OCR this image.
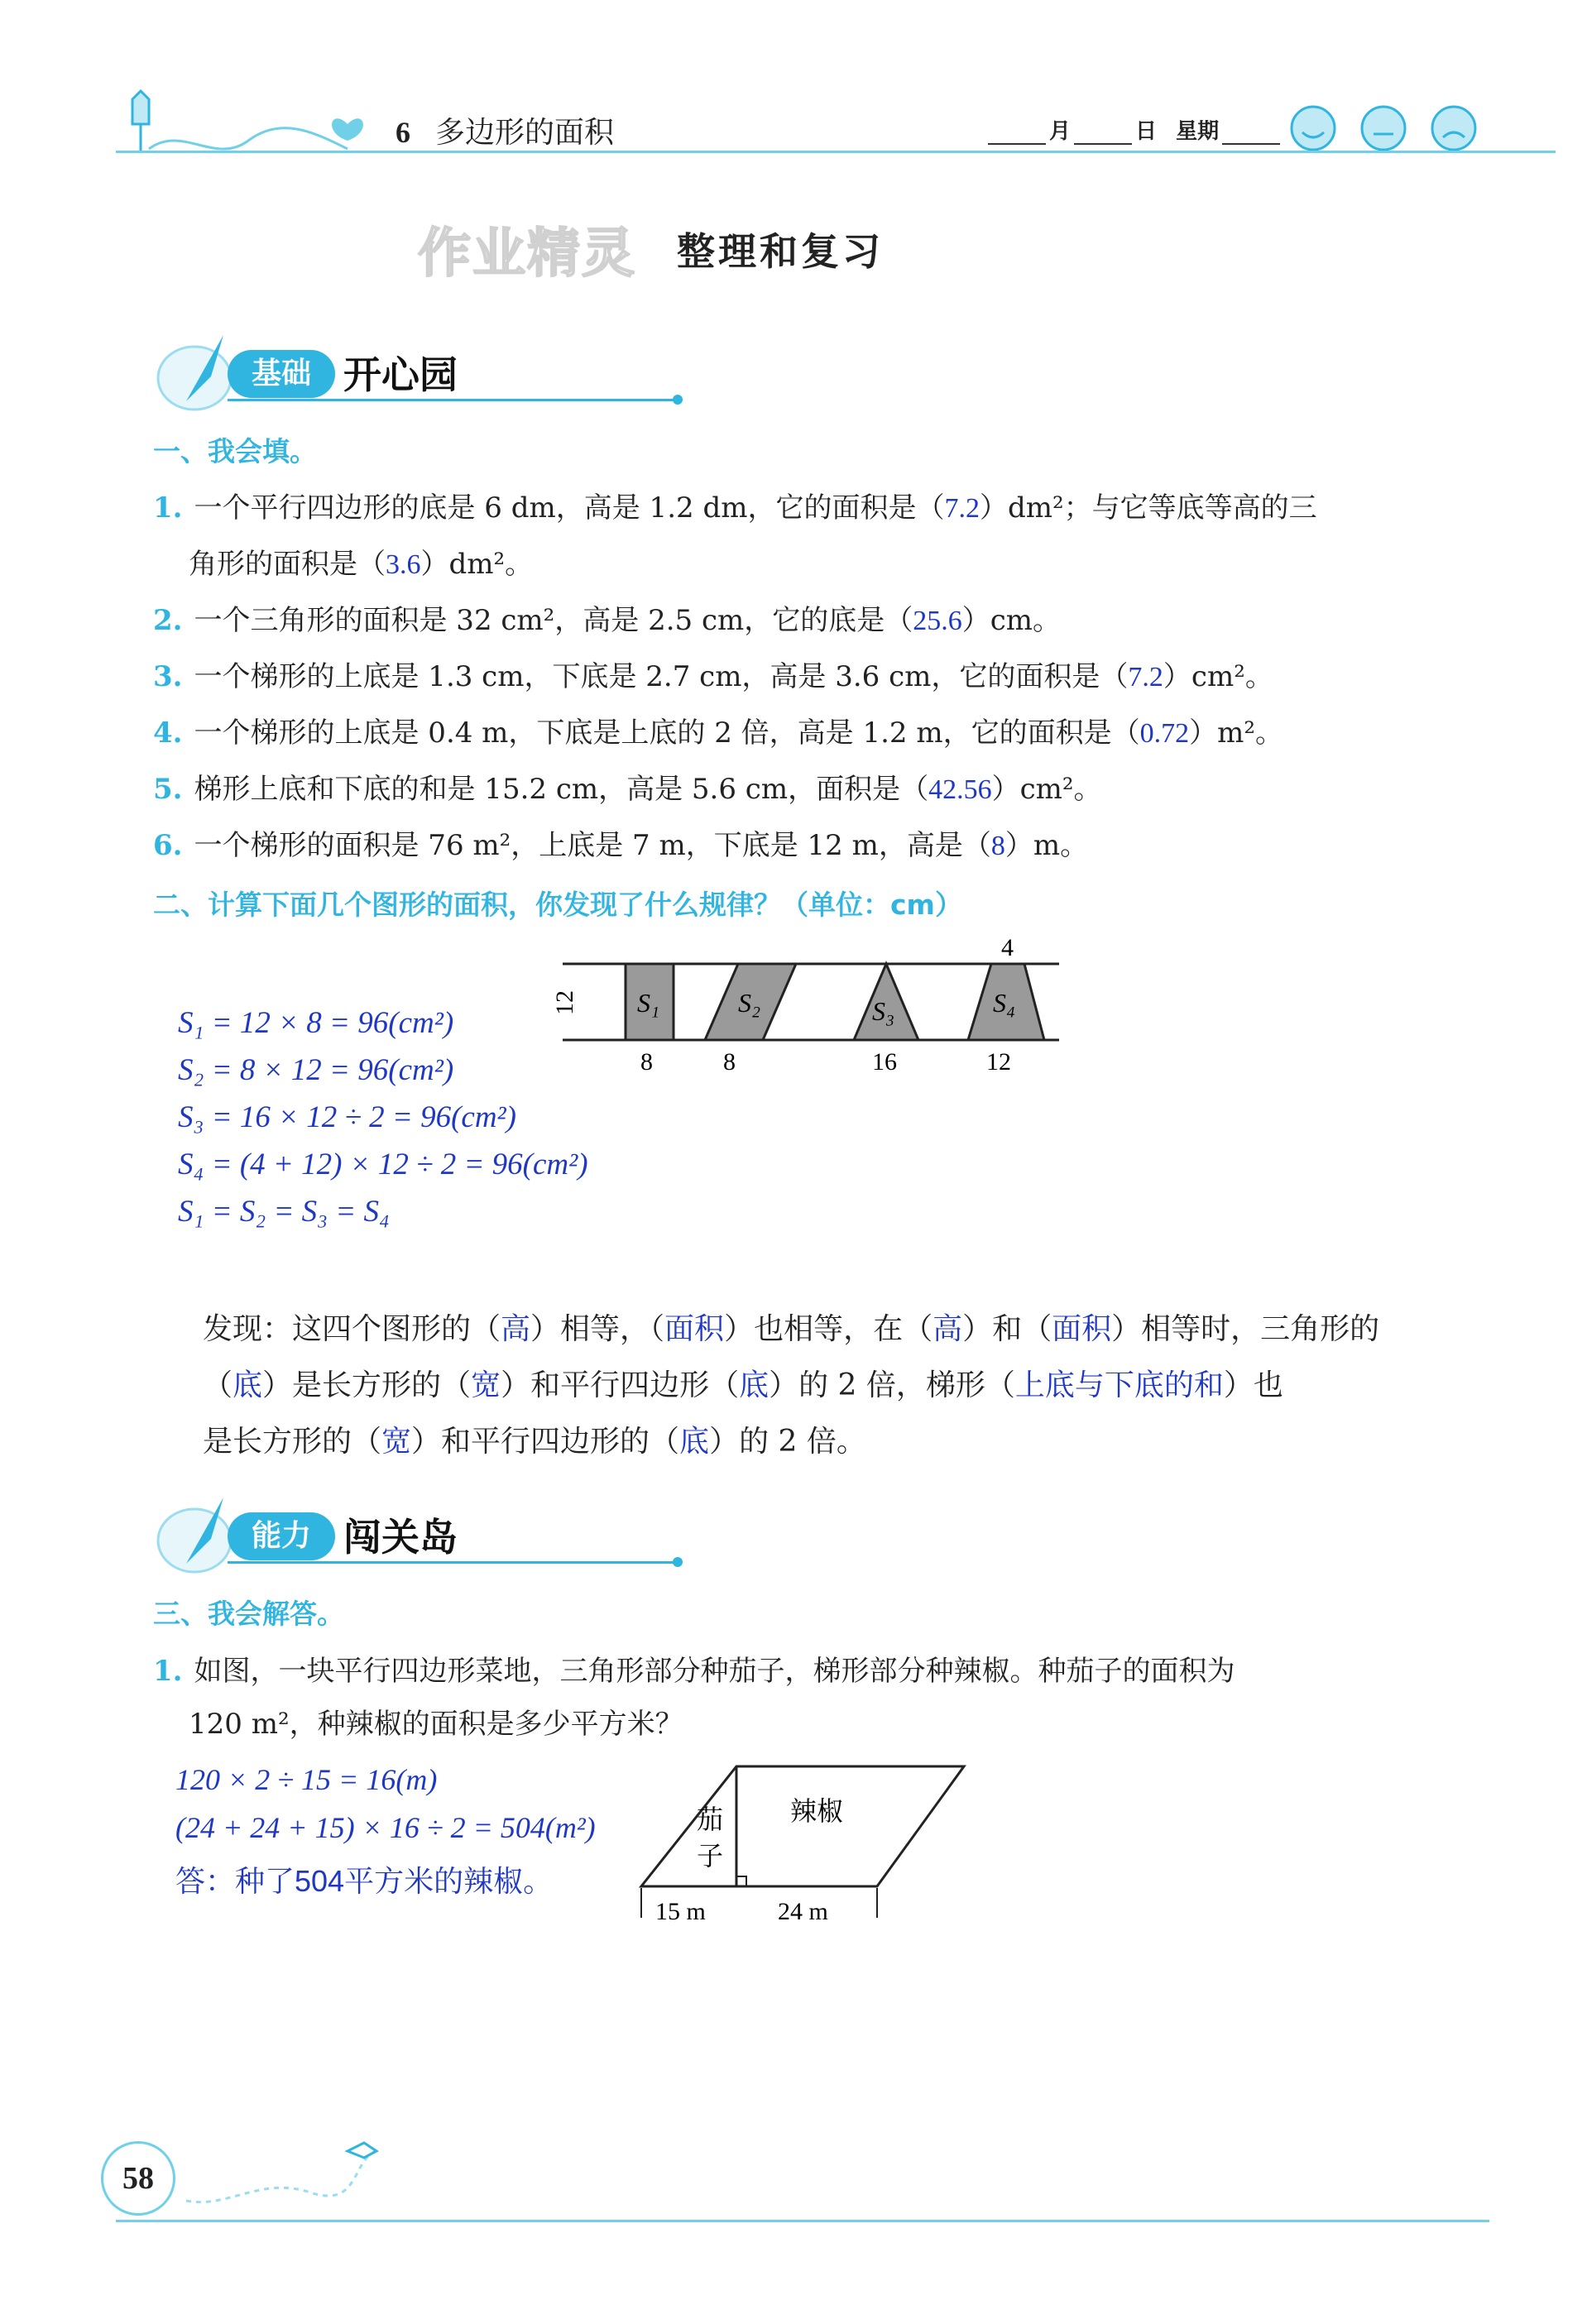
6 多边形的面积	月	日 星期
作业精灵 整理和复习
基础 开心园
一、我会填。
1. 一个平行四边形的底是 6 dm，高是 1.2 dm，它的面积是（7.2）dm²；与它等底等高的三
角形的面积是（3.6）dm²。
2. 一个三角形的面积是 32 cm²，高是 2.5 cm，它的底是（25.6）cm。
3. 一个梯形的上底是 1.3 cm，下底是 2.7 cm，高是 3.6 cm，它的面积是（7.2）cm²。
4. 一个梯形的上底是 0.4 m，下底是上底的 2 倍，高是 1.2 m，它的面积是（0.72）m²。
5. 梯形上底和下底的和是 15.2 cm，高是 5.6 cm，面积是（42.56）cm²。
6. 一个梯形的面积是 76 m²，上底是 7 m，下底是 12 m，高是（8）m。
二、计算下面几个图形的面积，你发现了什么规律？（单位：cm）
12 S₁	S₂	S₃	S₄
4
8	8	16	12
S₁ = 12 × 8 = 96(cm²)
S₂ = 8 × 12 = 96(cm²)
S₃ = 16 × 12 ÷ 2 = 96(cm²)
S₄ = (4 + 12) × 12 ÷ 2 = 96(cm²)
S₁ = S₂ = S₃ = S₄
发现：这四个图形的（高）相等，（面积）也相等，在（高）和（面积）相等时，三角形的
（底）是长方形的（宽）和平行四边形（底）的 2 倍，梯形（上底与下底的和）也
是长方形的（宽）和平行四边形的（底）的 2 倍。
能力 闯关岛
三、我会解答。
1. 如图，一块平行四边形菜地，三角形部分种茄子，梯形部分种辣椒。种茄子的面积为
120 m²，种辣椒的面积是多少平方米？
120 × 2 ÷ 15 = 16(m)
(24 + 24 + 15) × 16 ÷ 2 = 504(m²)
答：种了504平方米的辣椒。
茄
子
辣椒
15 m	24 m
58
